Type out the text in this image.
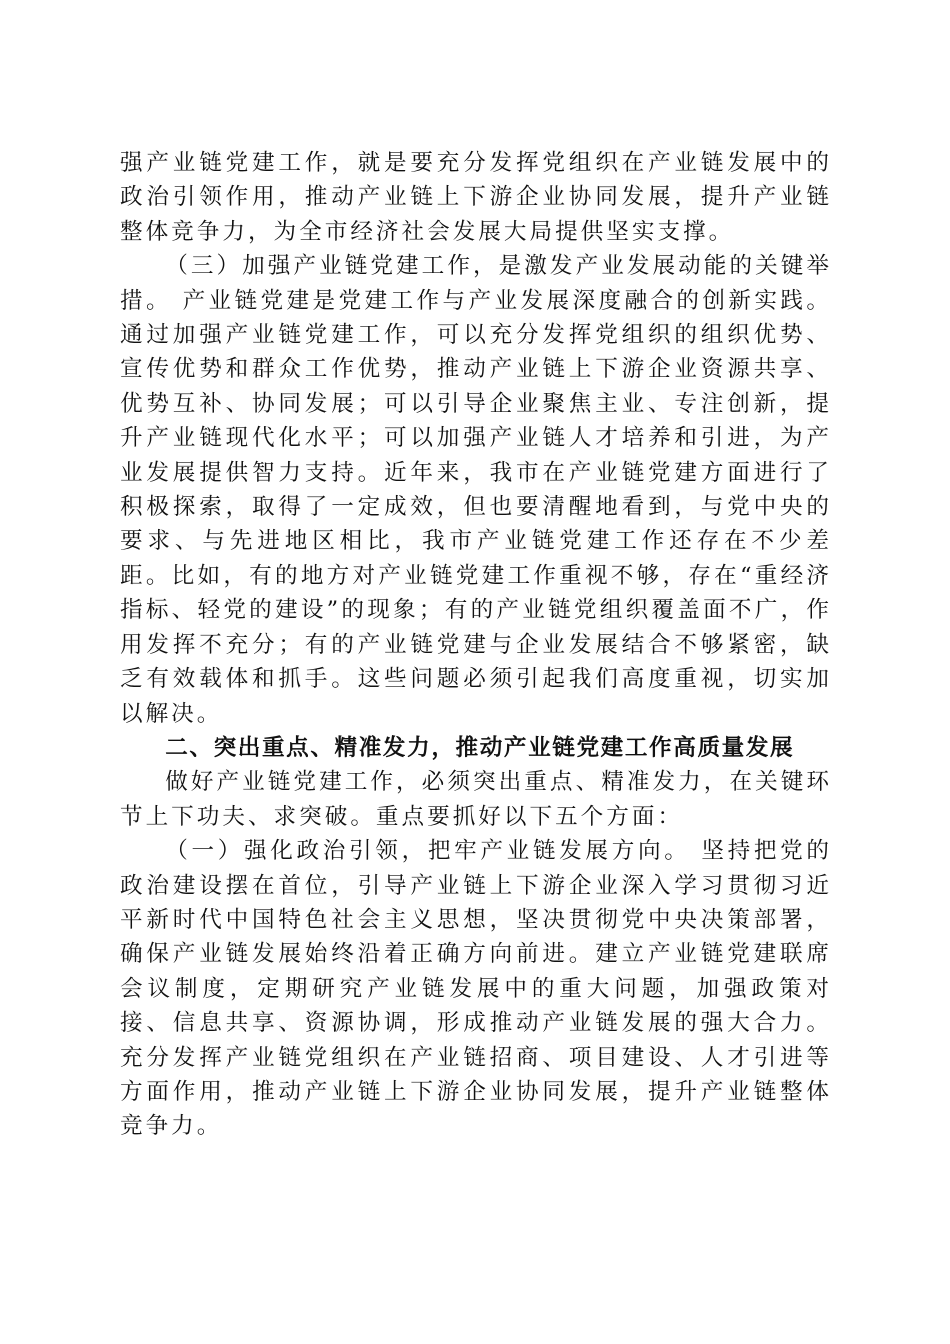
强产业链党建工作，就是要充分发挥党组织在产业链发展中的政治引领作用，推动产业链上下游企业协同发展，提升产业链整体竞争力，为全市经济社会发展大局提供坚实支撑。

（三）加强产业链党建工作，是激发产业发展动能的关键举措。 产业链党建是党建工作与产业发展深度融合的创新实践。通过加强产业链党建工作，可以充分发挥党组织的组织优势、宣传优势和群众工作优势，推动产业链上下游企业资源共享、优势互补、协同发展；可以引导企业聚焦主业、专注创新，提升产业链现代化水平；可以加强产业链人才培养和引进，为产业发展提供智力支持。近年来，我市在产业链党建方面进行了积极探索，取得了一定成效，但也要清醒地看到，与党中央的要求、与先进地区相比，我市产业链党建工作还存在不少差距。比如，有的地方对产业链党建工作重视不够，存在“重经济指标、轻党的建设”的现象；有的产业链党组织覆盖面不广，作用发挥不充分；有的产业链党建与企业发展结合不够紧密，缺乏有效载体和抓手。这些问题必须引起我们高度重视，切实加以解决。

二、突出重点、精准发力，推动产业链党建工作高质量发展

做好产业链党建工作，必须突出重点、精准发力，在关键环节上下功夫、求突破。重点要抓好以下五个方面：

（一）强化政治引领，把牢产业链发展方向。 坚持把党的政治建设摆在首位，引导产业链上下游企业深入学习贯彻习近平新时代中国特色社会主义思想，坚决贯彻党中央决策部署，确保产业链发展始终沿着正确方向前进。建立产业链党建联席会议制度，定期研究产业链发展中的重大问题，加强政策对接、信息共享、资源协调，形成推动产业链发展的强大合力。充分发挥产业链党组织在产业链招商、项目建设、人才引进等方面作用，推动产业链上下游企业协同发展，提升产业链整体竞争力。
